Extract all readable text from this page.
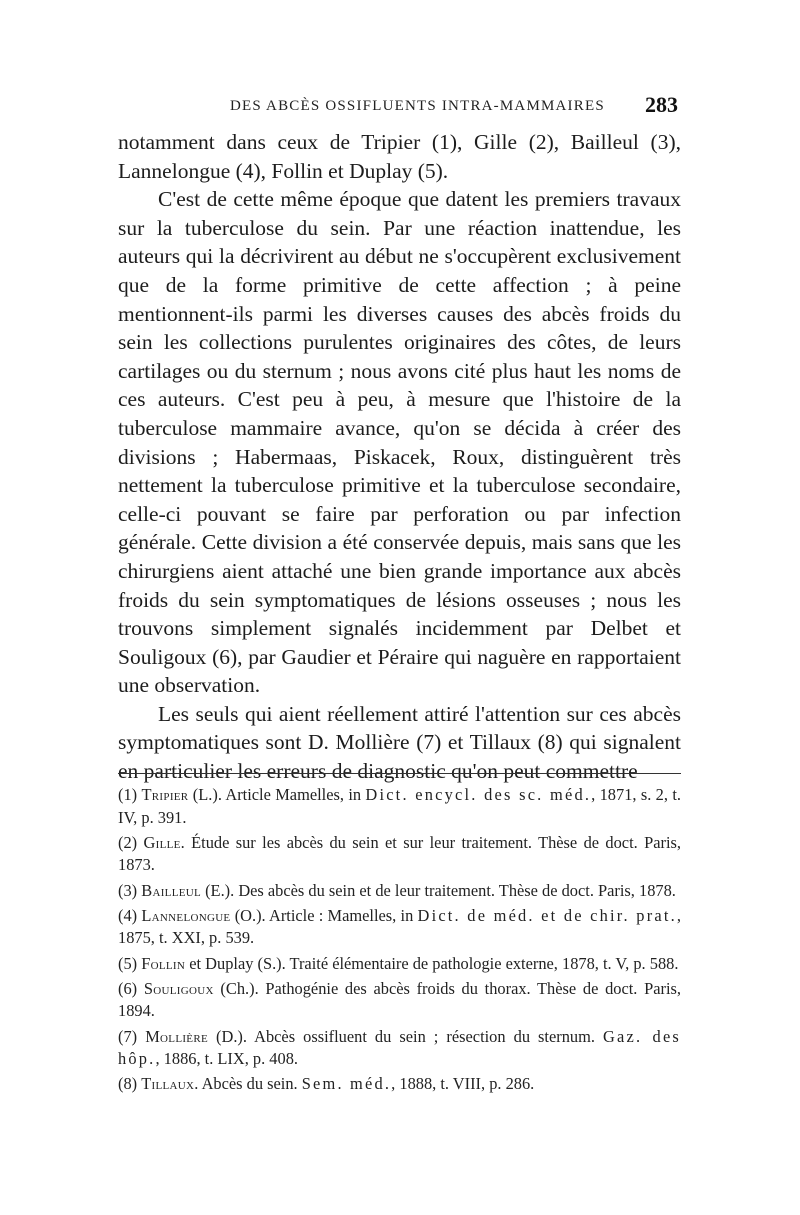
DES ABCÈS OSSIFLUENTS INTRA-MAMMAIRES 283

notamment dans ceux de Tripier (1), Gille (2), Bailleul (3), Lannelongue (4), Follin et Duplay (5).

C'est de cette même époque que datent les premiers travaux sur la tuberculose du sein. Par une réaction inattendue, les auteurs qui la décrivirent au début ne s'occupèrent exclusivement que de la forme primitive de cette affection ; à peine mentionnent-ils parmi les diverses causes des abcès froids du sein les collections purulentes originaires des côtes, de leurs cartilages ou du sternum ; nous avons cité plus haut les noms de ces auteurs. C'est peu à peu, à mesure que l'histoire de la tuberculose mammaire avance, qu'on se décida à créer des divisions ; Habermaas, Piskacek, Roux, distinguèrent très nettement la tuberculose primitive et la tuberculose secondaire, celle-ci pouvant se faire par perforation ou par infection générale. Cette division a été conservée depuis, mais sans que les chirurgiens aient attaché une bien grande importance aux abcès froids du sein symptomatiques de lésions osseuses ; nous les trouvons simplement signalés incidemment par Delbet et Souligoux (6), par Gaudier et Péraire qui naguère en rapportaient une observation.

Les seuls qui aient réellement attiré l'attention sur ces abcès symptomatiques sont D. Mollière (7) et Tillaux (8) qui signalent en particulier les erreurs de diagnostic qu'on peut commettre

(1) Tripier (L.). Article Mamelles, in Dict. encycl. des sc. méd., 1871, s. 2, t. IV, p. 391.

(2) Gille. Étude sur les abcès du sein et sur leur traitement. Thèse de doct. Paris, 1873.

(3) Bailleul (E.). Des abcès du sein et de leur traitement. Thèse de doct. Paris, 1878.

(4) Lannelongue (O.). Article : Mamelles, in Dict. de méd. et de chir. prat., 1875, t. XXI, p. 539.

(5) Follin et Duplay (S.). Traité élémentaire de pathologie externe, 1878, t. V, p. 588.

(6) Souligoux (Ch.). Pathogénie des abcès froids du thorax. Thèse de doct. Paris, 1894.

(7) Mollière (D.). Abcès ossifluent du sein ; résection du sternum. Gaz. des hôp., 1886, t. LIX, p. 408.

(8) Tillaux. Abcès du sein. Sem. méd., 1888, t. VIII, p. 286.
